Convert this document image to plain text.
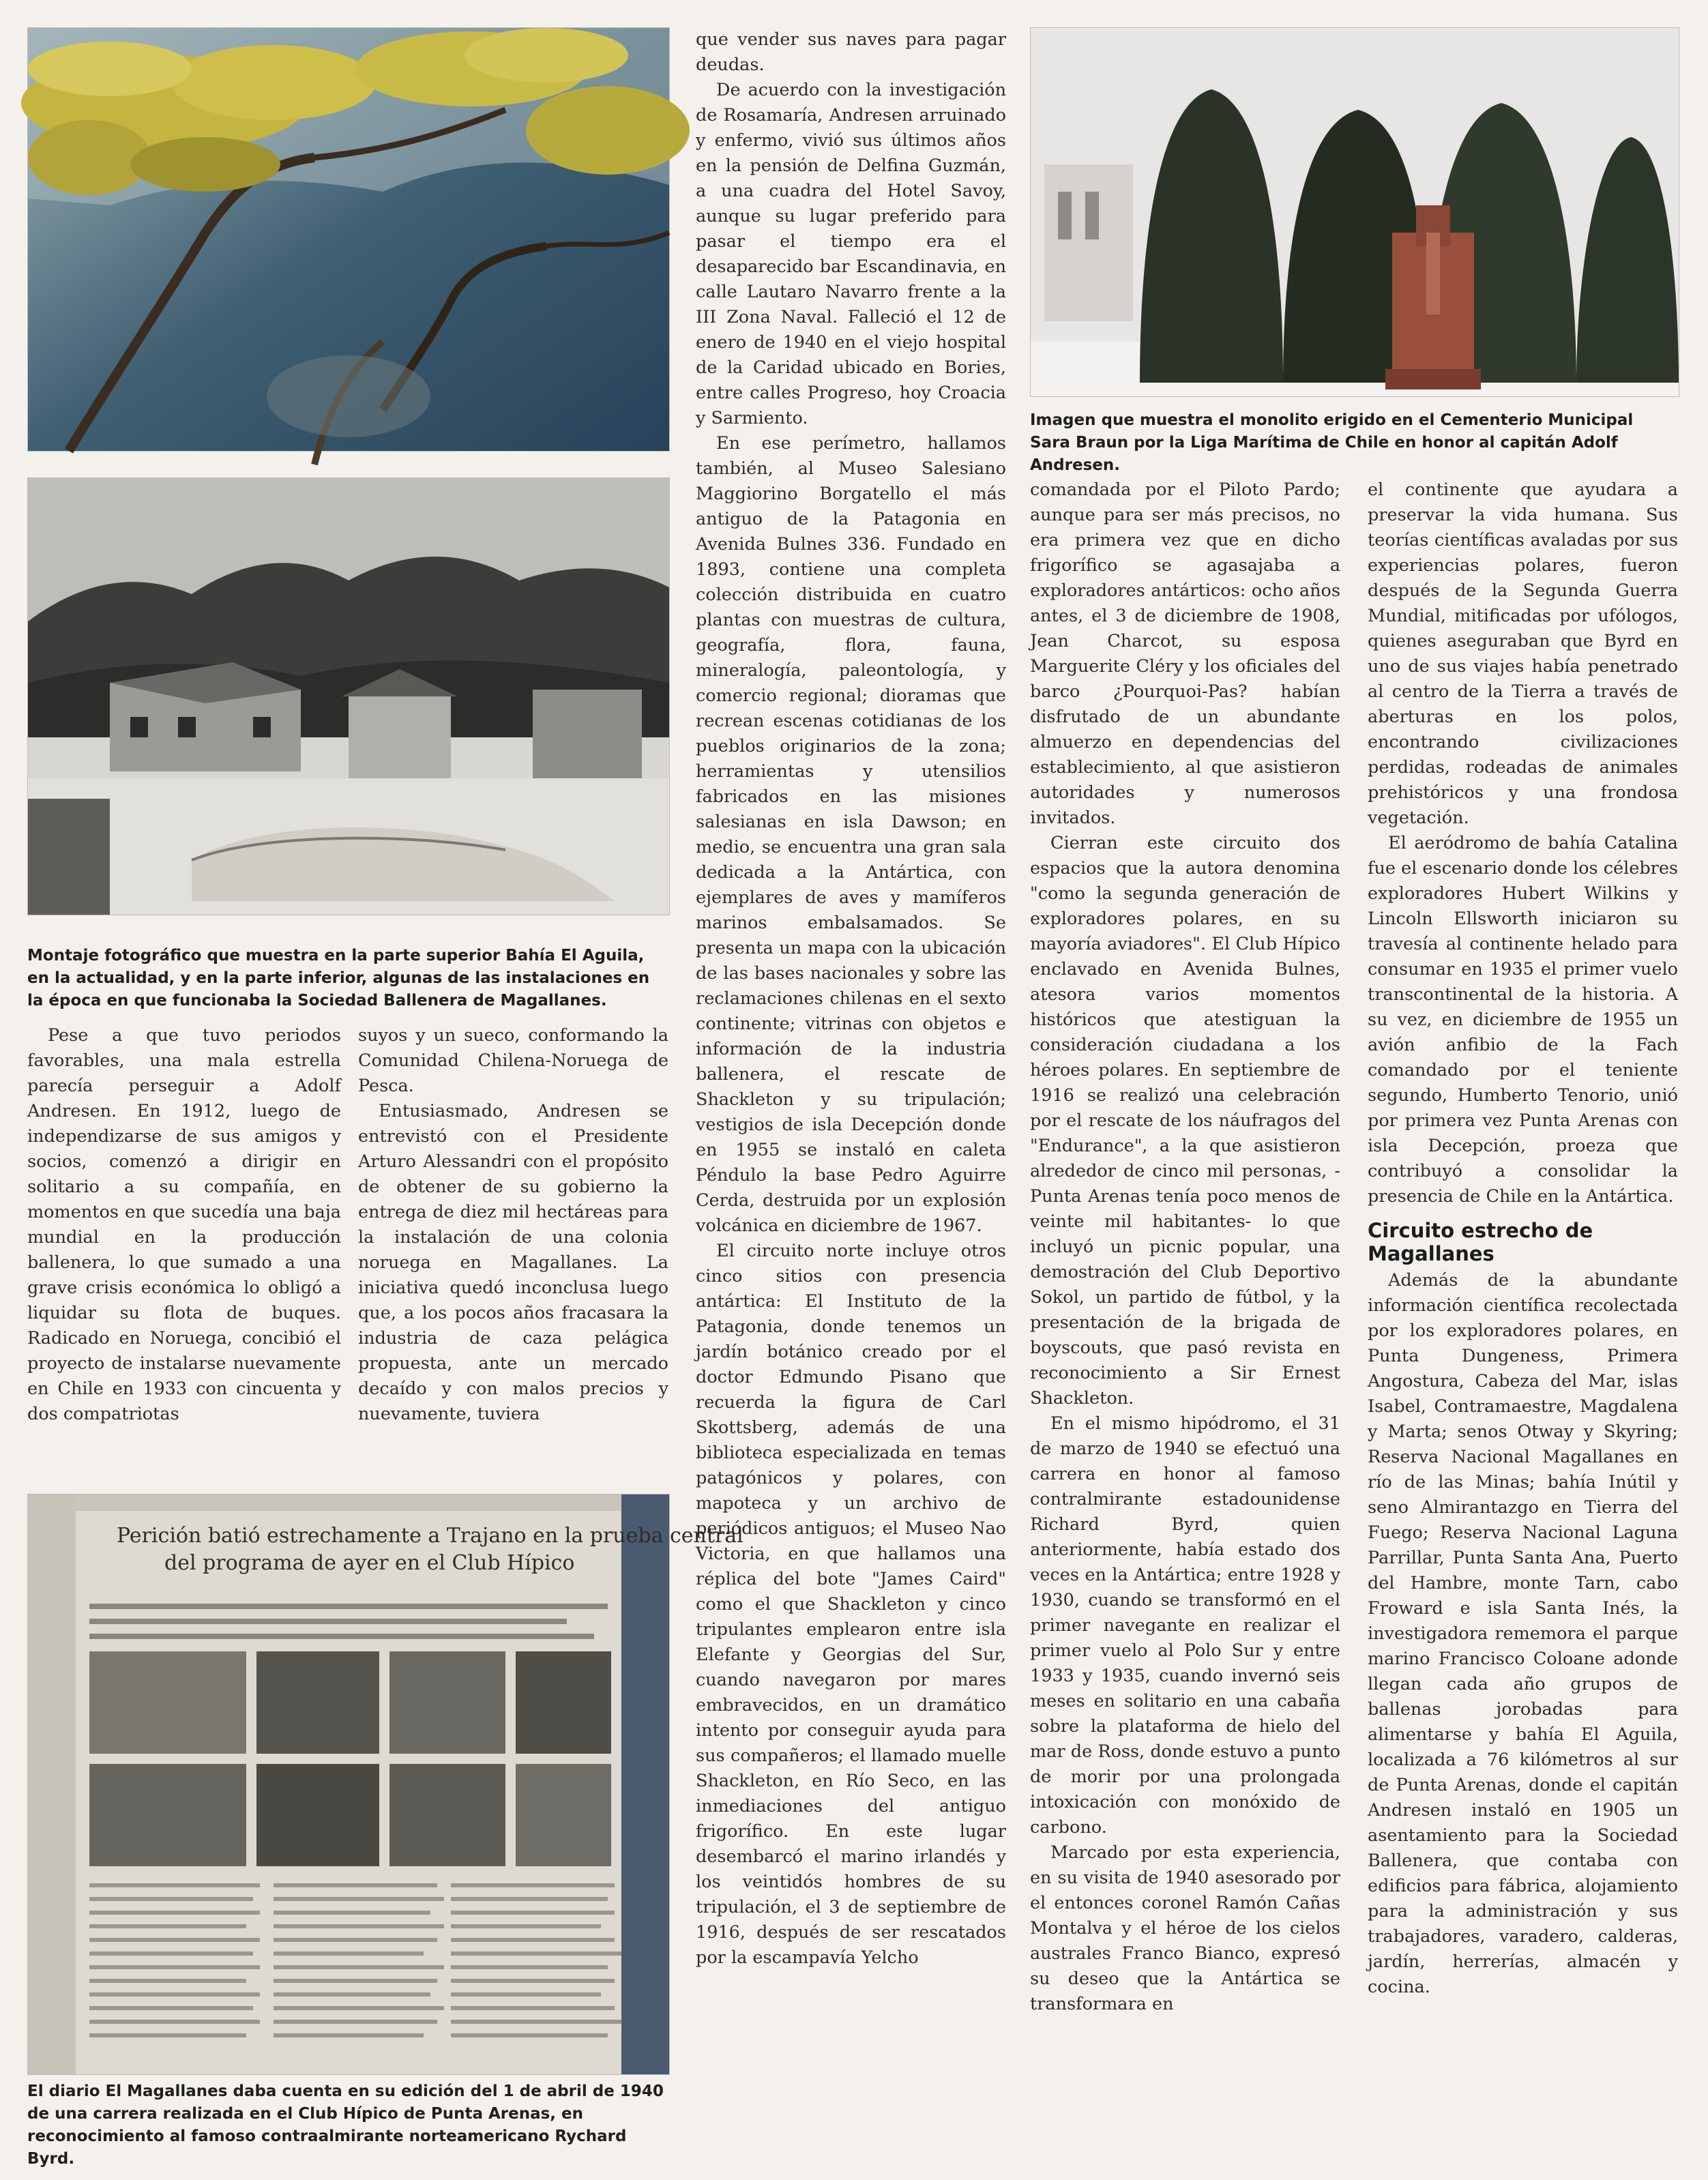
Montaje fotográfico que muestra en la parte superior Bahía El Aguila, en la actualidad, y en la parte inferior, algunas de las instalaciones en la época en que funcionaba la Sociedad Ballenera de Magallanes.

Pese a que tuvo periodos favorables, una mala estrella parecía perseguir a Adolf Andresen. En 1912, luego de independizarse de sus amigos y socios, comenzó a dirigir en solitario a su compañía, en momentos en que sucedía una baja mundial en la producción ballenera, lo que sumado a una grave crisis económica lo obligó a liquidar su flota de buques. Radicado en Noruega, concibió el proyecto de instalarse nuevamente en Chile en 1933 con cincuenta y dos compatriotas

suyos y un sueco, conformando la Comunidad Chilena-Noruega de Pesca.

Entusiasmado, Andresen se entrevistó con el Presidente Arturo Alessandri con el propósito de obtener de su gobierno la entrega de diez mil hectáreas para la instalación de una colonia noruega en Magallanes. La iniciativa quedó inconclusa luego que, a los pocos años fracasara la industria de caza pelágica propuesta, ante un mercado decaído y con malos precios y nuevamente, tuviera

Perición batió estrechamente a Trajano en la prueba central
del programa de ayer en el Club Hípico

El diario El Magallanes daba cuenta en su edición del 1 de abril de 1940 de una carrera realizada en el Club Hípico de Punta Arenas, en reconocimiento al famoso contraalmirante norteamericano Rychard Byrd.

que vender sus naves para pagar deudas.

De acuerdo con la investigación de Rosamaría, Andresen arruinado y enfermo, vivió sus últimos años en la pensión de Delfina Guzmán, a una cuadra del Hotel Savoy, aunque su lugar preferido para pasar el tiempo era el desaparecido bar Escandinavia, en calle Lautaro Navarro frente a la III Zona Naval. Falleció el 12 de enero de 1940 en el viejo hospital de la Caridad ubicado en Bories, entre calles Progreso, hoy Croacia y Sarmiento.

En ese perímetro, hallamos también, al Museo Salesiano Maggiorino Borgatello el más antiguo de la Patagonia en Avenida Bulnes 336. Fundado en 1893, contiene una completa colección distribuida en cuatro plantas con muestras de cultura, geografía, flora, fauna, mineralogía, paleontología, y comercio regional; dioramas que recrean escenas cotidianas de los pueblos originarios de la zona; herramientas y utensilios fabricados en las misiones salesianas en isla Dawson; en medio, se encuentra una gran sala dedicada a la Antártica, con ejemplares de aves y mamíferos marinos embalsamados. Se presenta un mapa con la ubicación de las bases nacionales y sobre las reclamaciones chilenas en el sexto continente; vitrinas con objetos e información de la industria ballenera, el rescate de Shackleton y su tripulación; vestigios de isla Decepción donde en 1955 se instaló en caleta Péndulo la base Pedro Aguirre Cerda, destruida por un explosión volcánica en diciembre de 1967.

El circuito norte incluye otros cinco sitios con presencia antártica: El Instituto de la Patagonia, donde tenemos un jardín botánico creado por el doctor Edmundo Pisano que recuerda la figura de Carl Skottsberg, además de una biblioteca especializada en temas patagónicos y polares, con mapoteca y un archivo de periódicos antiguos; el Museo Nao Victoria, en que hallamos una réplica del bote "James Caird" como el que Shackleton y cinco tripulantes emplearon entre isla Elefante y Georgias del Sur, cuando navegaron por mares embravecidos, en un dramático intento por conseguir ayuda para sus compañeros; el llamado muelle Shackleton, en Río Seco, en las inmediaciones del antiguo frigorífico. En este lugar desembarcó el marino irlandés y los veintidós hombres de su tripulación, el 3 de septiembre de 1916, después de ser rescatados por la escampavía Yelcho

Imagen que muestra el monolito erigido en el Cementerio Municipal Sara Braun por la Liga Marítima de Chile en honor al capitán Adolf Andresen.

comandada por el Piloto Pardo; aunque para ser más precisos, no era primera vez que en dicho frigorífico se agasajaba a exploradores antárticos: ocho años antes, el 3 de diciembre de 1908, Jean Charcot, su esposa Marguerite Cléry y los oficiales del barco ¿Pourquoi-Pas? habían disfrutado de un abundante almuerzo en dependencias del establecimiento, al que asistieron autoridades y numerosos invitados.

Cierran este circuito dos espacios que la autora denomina "como la segunda generación de exploradores polares, en su mayoría aviadores". El Club Hípico enclavado en Avenida Bulnes, atesora varios momentos históricos que atestiguan la consideración ciudadana a los héroes polares. En septiembre de 1916 se realizó una celebración por el rescate de los náufragos del "Endurance", a la que asistieron alrededor de cinco mil personas, -Punta Arenas tenía poco menos de veinte mil habitantes- lo que incluyó un picnic popular, una demostración del Club Deportivo Sokol, un partido de fútbol, y la presentación de la brigada de boyscouts, que pasó revista en reconocimiento a Sir Ernest Shackleton.

En el mismo hipódromo, el 31 de marzo de 1940 se efectuó una carrera en honor al famoso contralmirante estadounidense Richard Byrd, quien anteriormente, había estado dos veces en la Antártica; entre 1928 y 1930, cuando se transformó en el primer navegante en realizar el primer vuelo al Polo Sur y entre 1933 y 1935, cuando invernó seis meses en solitario en una cabaña sobre la plataforma de hielo del mar de Ross, donde estuvo a punto de morir por una prolongada intoxicación con monóxido de carbono.

Marcado por esta experiencia, en su visita de 1940 asesorado por el entonces coronel Ramón Cañas Montalva y el héroe de los cielos australes Franco Bianco, expresó su deseo que la Antártica se transformara en

el continente que ayudara a preservar la vida humana. Sus teorías científicas avaladas por sus experiencias polares, fueron después de la Segunda Guerra Mundial, mitificadas por ufólogos, quienes aseguraban que Byrd en uno de sus viajes había penetrado al centro de la Tierra a través de aberturas en los polos, encontrando civilizaciones perdidas, rodeadas de animales prehistóricos y una frondosa vegetación.

El aeródromo de bahía Catalina fue el escenario donde los célebres exploradores Hubert Wilkins y Lincoln Ellsworth iniciaron su travesía al continente helado para consumar en 1935 el primer vuelo transcontinental de la historia. A su vez, en diciembre de 1955 un avión anfibio de la Fach comandado por el teniente segundo, Humberto Tenorio, unió por primera vez Punta Arenas con isla Decepción, proeza que contribuyó a consolidar la presencia de Chile en la Antártica.

Circuito estrecho de Magallanes

Además de la abundante información científica recolectada por los exploradores polares, en Punta Dungeness, Primera Angostura, Cabeza del Mar, islas Isabel, Contramaestre, Magdalena y Marta; senos Otway y Skyring; Reserva Nacional Magallanes en río de las Minas; bahía Inútil y seno Almirantazgo en Tierra del Fuego; Reserva Nacional Laguna Parrillar, Punta Santa Ana, Puerto del Hambre, monte Tarn, cabo Froward e isla Santa Inés, la investigadora rememora el parque marino Francisco Coloane adonde llegan cada año grupos de ballenas jorobadas para alimentarse y bahía El Aguila, localizada a 76 kilómetros al sur de Punta Arenas, donde el capitán Andresen instaló en 1905 un asentamiento para la Sociedad Ballenera, que contaba con edificios para fábrica, alojamiento para la administración y sus trabajadores, varadero, calderas, jardín, herrerías, almacén y cocina.
